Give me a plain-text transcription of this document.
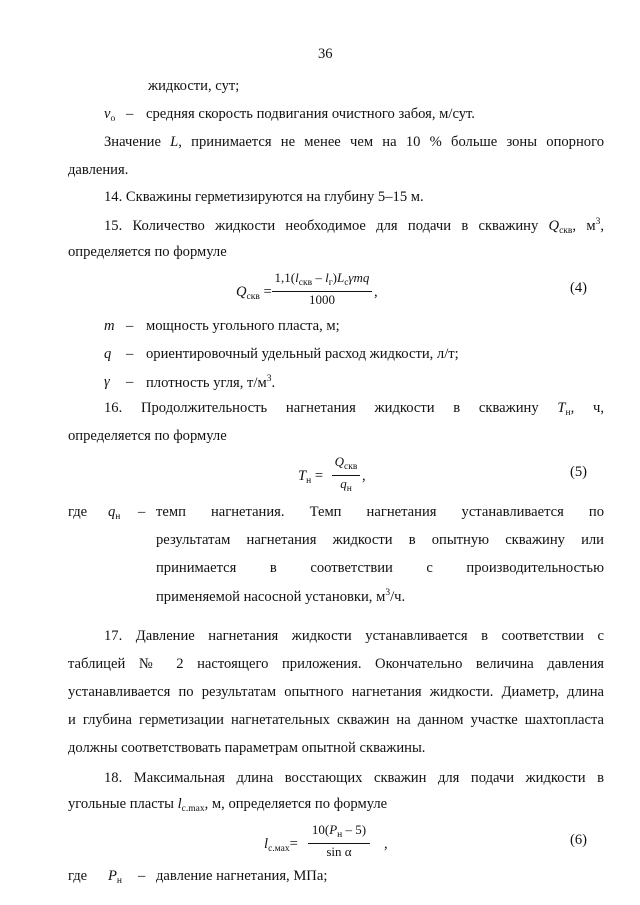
36
жидкости, сут;
$v_о$ – средняя скорость подвигания очистного забоя, м/сут.
Значение L, принимается не менее чем на 10 % больше зоны опорного
давления.
14. Скважины герметизируются на глубину 5–15 м.
15. Количество жидкости необходимое для подачи в скважину $Q_{скв}$, $м^3$,
определяется по формуле
$Q_{скв}$ =
$1,1(l_{скв} - l_г)L_с\gamma mq$
1000	,	(4)
m – мощность угольного пласта, м;
q – ориентировочный удельный расход жидкости, л/т;
γ – плотность угля, $т/м^3$.
16. Продолжительность нагнетания жидкости в скважину $T_н$, ч,
определяется по формуле
$T_н$ =
$Q_{скв}$
$q_н$
,	(5)
где $q_н$ – темп нагнетания. Темп нагнетания устанавливается по
результатам нагнетания жидкости в опытную скважину или
принимается в соответствии с производительностью
применяемой насосной установки, $м^3/ч$.
17. Давление нагнетания жидкости устанавливается в соответствии с
таблицей № 2 настоящего приложения. Окончательно величина давления
устанавливается по результатам опытного нагнетания жидкости. Диаметр, длина
и глубина герметизации нагнетательных скважин на данном участке шахтопласта
должны соответствовать параметрам опытной скважины.
18. Максимальная длина восстающих скважин для подачи жидкости в
угольные пласты $l_{с.max}$, м, определяется по формуле
$l_{с.мах}=$
$10(P_н - 5)$
sin α ,	(6)
где $P_н$ – давление нагнетания, МПа;
